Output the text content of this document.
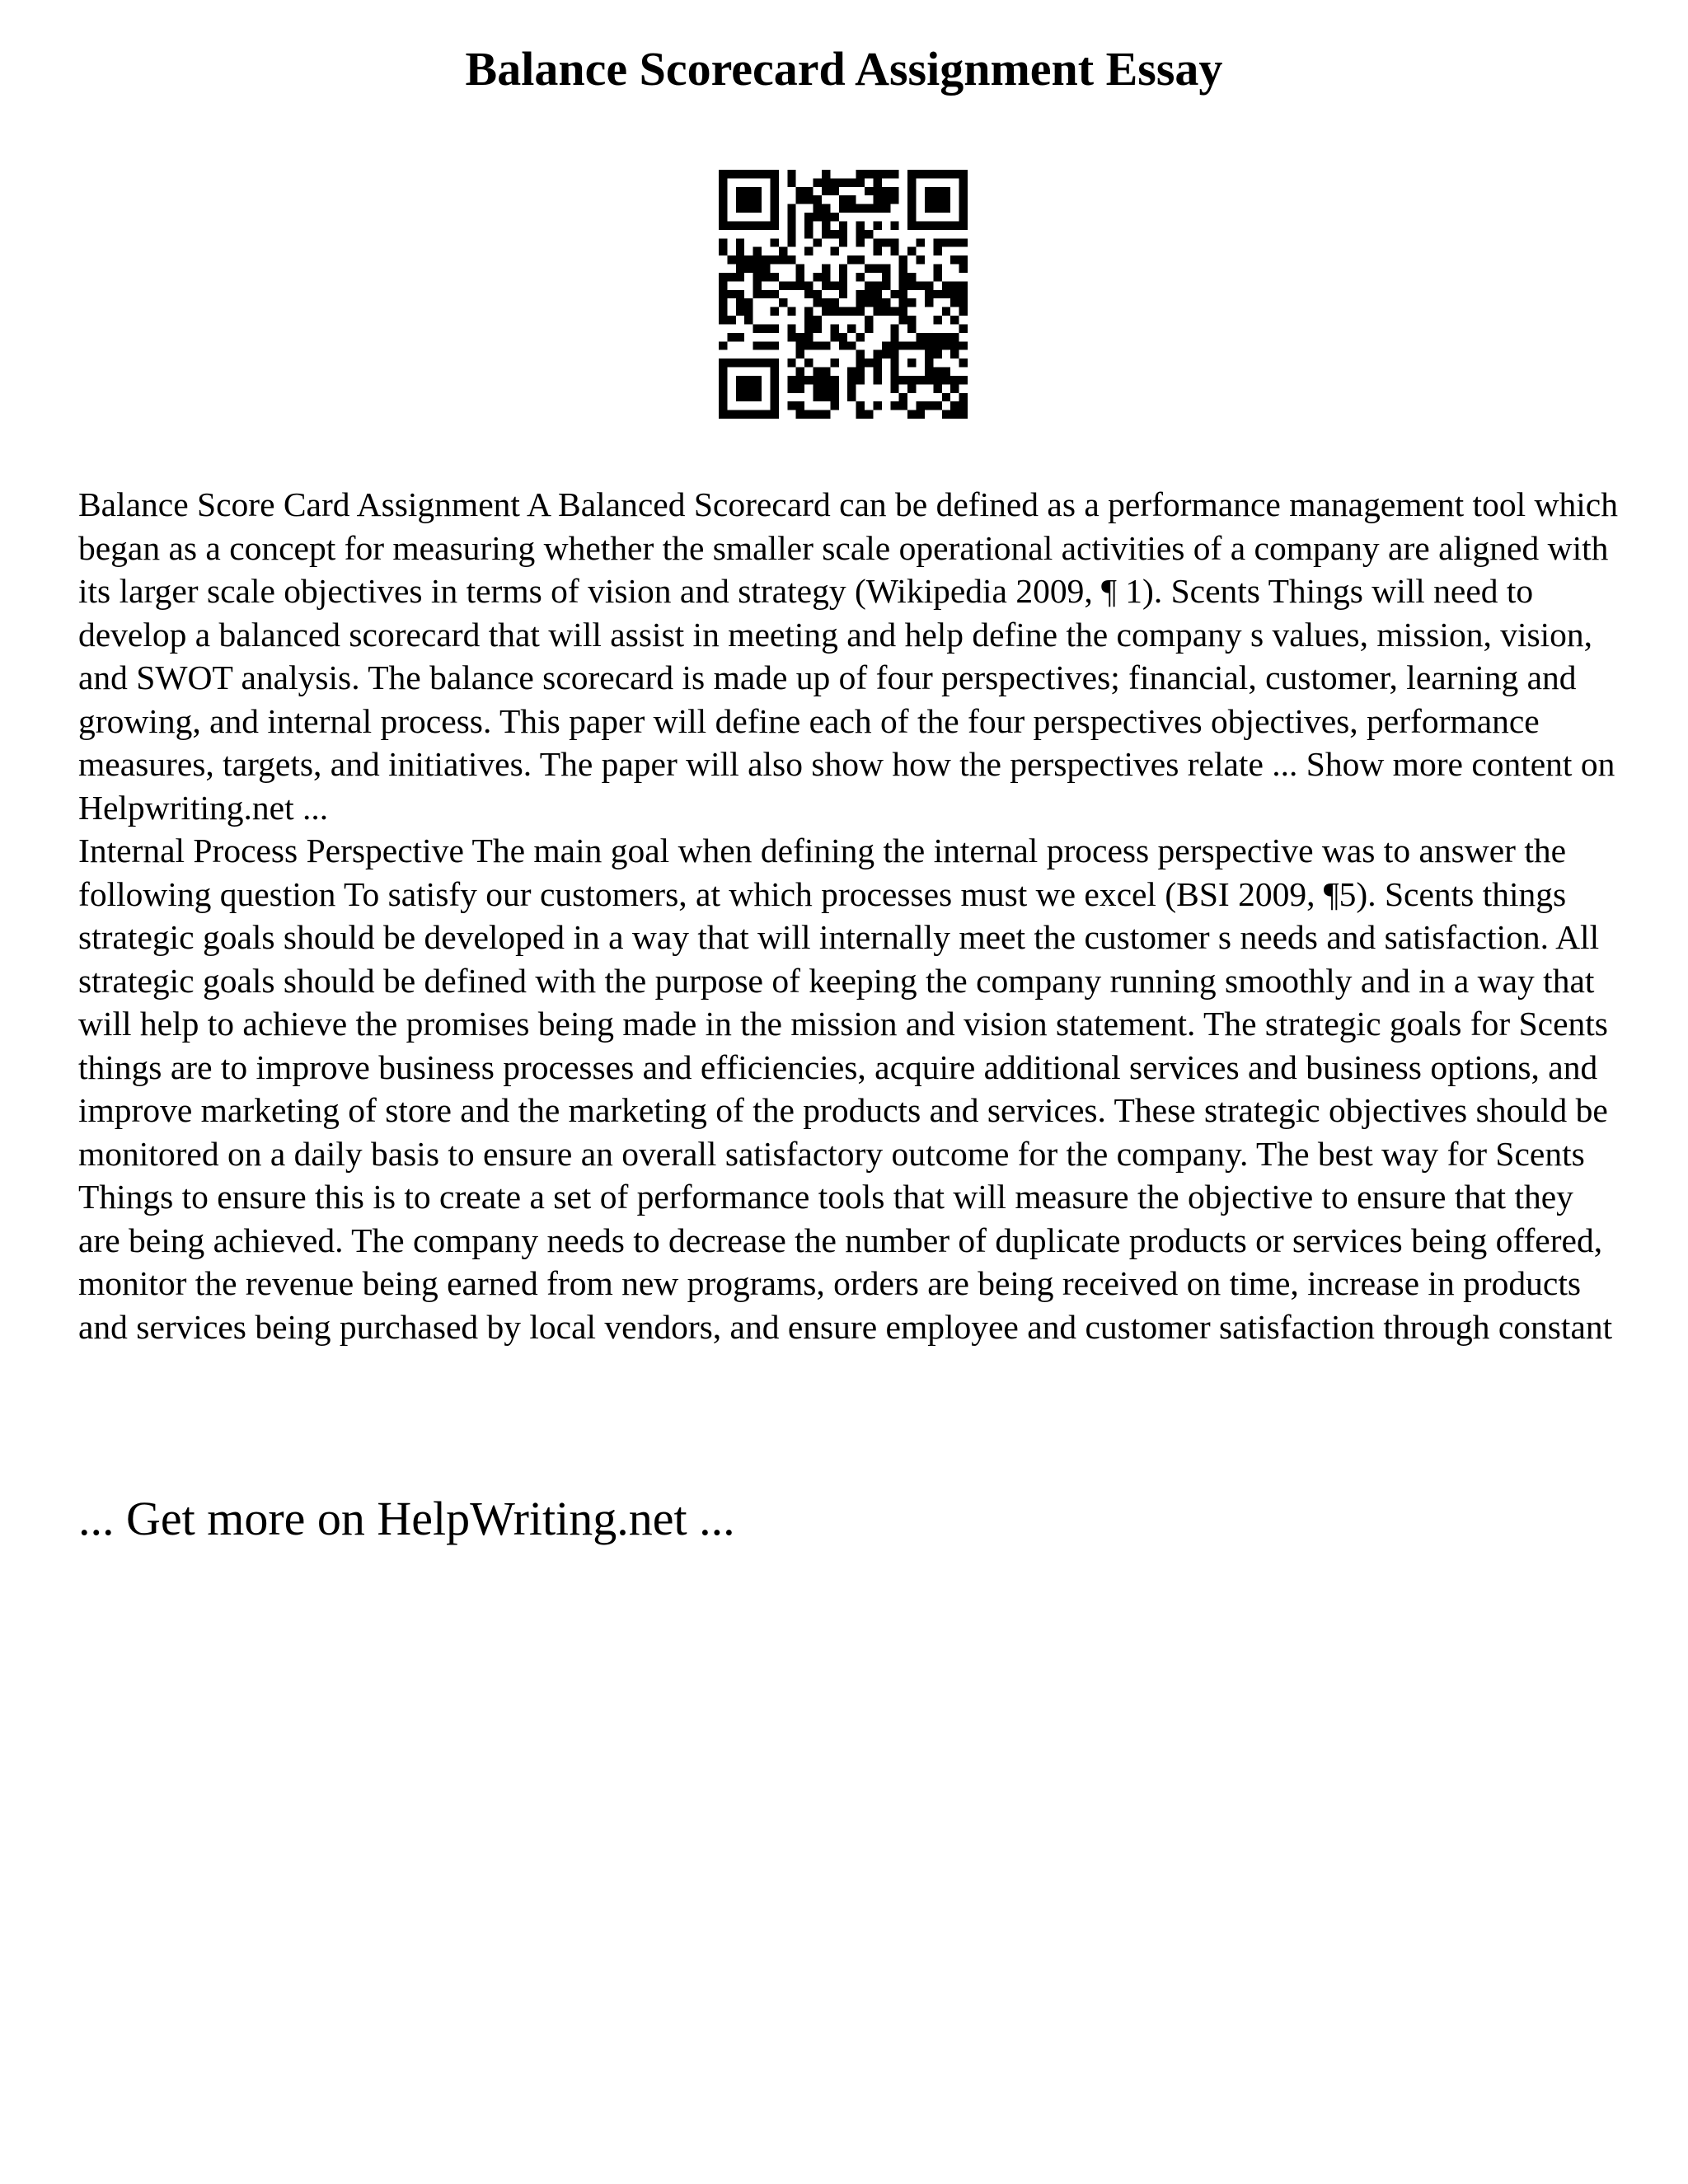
Balance Scorecard Assignment Essay

Balance Score Card Assignment A Balanced Scorecard can be defined as a performance management tool which began as a concept for measuring whether the smaller scale operational activities of a company are aligned with its larger scale objectives in terms of vision and strategy (Wikipedia 2009, ¶ 1). Scents Things will need to develop a balanced scorecard that will assist in meeting and help define the company s values, mission, vision, and SWOT analysis. The balance scorecard is made up of four perspectives; financial, customer, learning and growing, and internal process. This paper will define each of the four perspectives objectives, performance measures, targets, and initiatives. The paper will also show how the perspectives relate ... Show more content on Helpwriting.net ...

Internal Process Perspective The main goal when defining the internal process perspective was to answer the following question To satisfy our customers, at which processes must we excel (BSI 2009, ¶5). Scents things strategic goals should be developed in a way that will internally meet the customer s needs and satisfaction. All strategic goals should be defined with the purpose of keeping the company running smoothly and in a way that will help to achieve the promises being made in the mission and vision statement. The strategic goals for Scents things are to improve business processes and efficiencies, acquire additional services and business options, and improve marketing of store and the marketing of the products and services. These strategic objectives should be monitored on a daily basis to ensure an overall satisfactory outcome for the company. The best way for Scents Things to ensure this is to create a set of performance tools that will measure the objective to ensure that they are being achieved. The company needs to decrease the number of duplicate products or services being offered, monitor the revenue being earned from new programs, orders are being received on time, increase in products and services being purchased by local vendors, and ensure employee and customer satisfaction through constant

... Get more on HelpWriting.net ...
